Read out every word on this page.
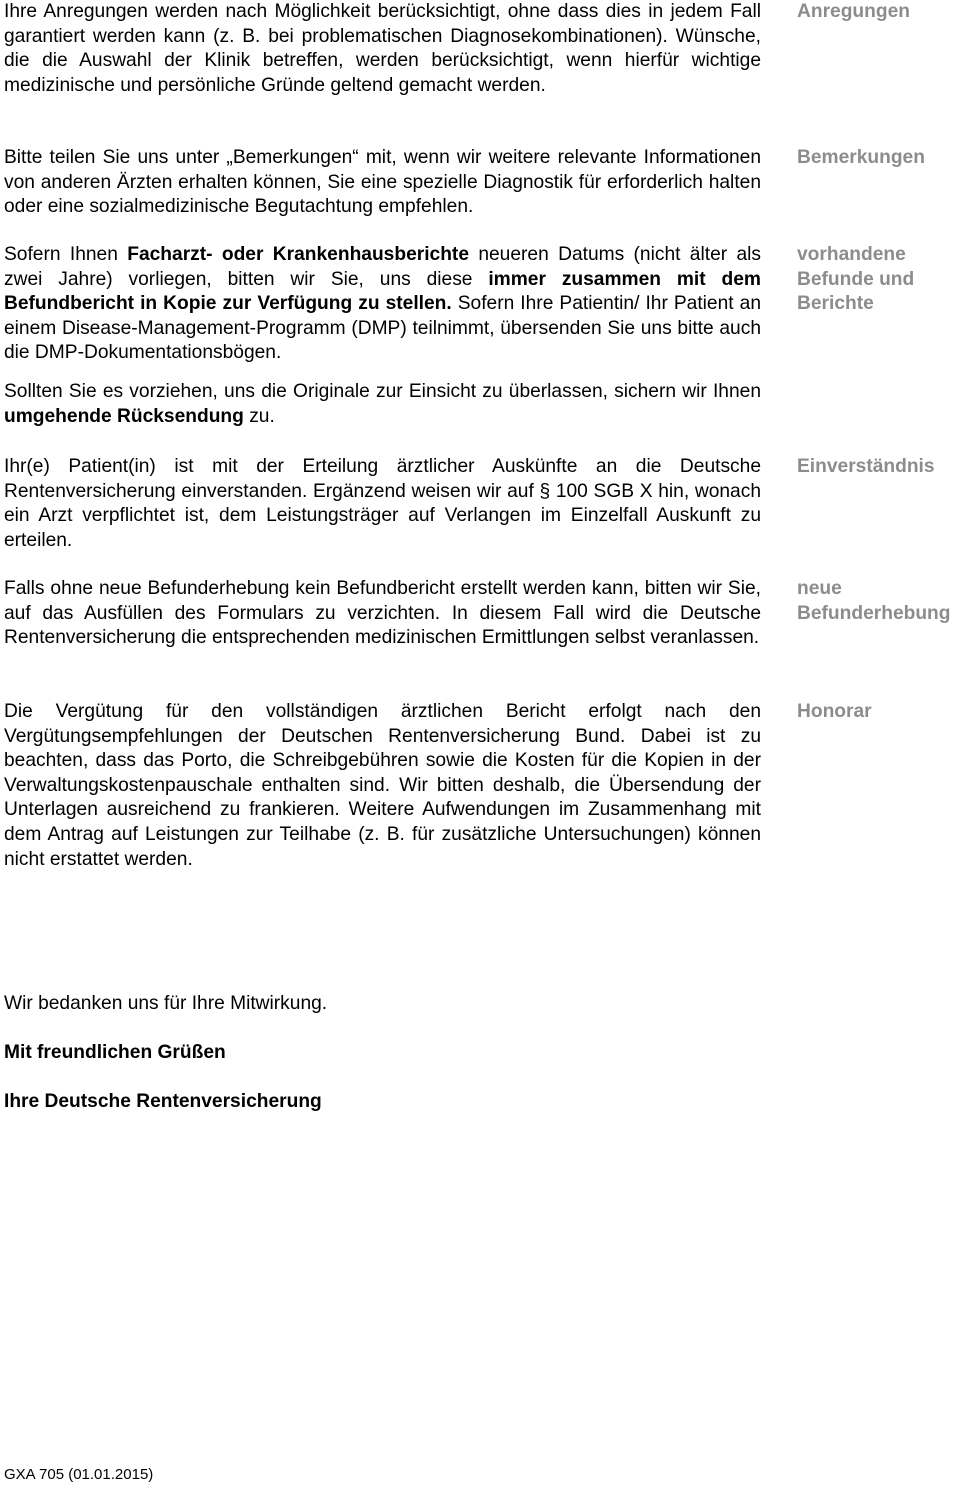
Ihre Anregungen werden nach Möglichkeit berücksichtigt, ohne dass dies in jedem Fall garantiert werden kann (z. B. bei problematischen Diagnosekombinationen). Wünsche, die die Auswahl der Klinik betreffen, werden berücksichtigt, wenn hierfür wichtige medizinische und persönliche Gründe geltend gemacht werden.

Bitte teilen Sie uns unter „Bemerkungen“ mit, wenn wir weitere relevante Informationen von anderen Ärzten erhalten können, Sie eine spezielle Diagnostik für erforderlich halten oder eine sozialmedizinische Begutachtung empfehlen.

Sofern Ihnen Facharzt- oder Krankenhausberichte neueren Datums (nicht älter als zwei Jahre) vorliegen, bitten wir Sie, uns diese immer zusammen mit dem Befundbericht in Kopie zur Verfügung zu stellen. Sofern Ihre Patientin/ Ihr Patient an einem Disease-Management-Programm (DMP) teilnimmt, übersenden Sie uns bitte auch die DMP-Dokumentationsbögen.

Sollten Sie es vorziehen, uns die Originale zur Einsicht zu überlassen, sichern wir Ihnen umgehende Rücksendung zu.

Ihr(e) Patient(in) ist mit der Erteilung ärztlicher Auskünfte an die Deutsche Rentenversicherung einverstanden. Ergänzend weisen wir auf § 100 SGB X hin, wonach ein Arzt verpflichtet ist, dem Leistungsträger auf Verlangen im Einzelfall Auskunft zu erteilen.

Falls ohne neue Befunderhebung kein Befundbericht erstellt werden kann, bitten wir Sie, auf das Ausfüllen des Formulars zu verzichten. In diesem Fall wird die Deutsche Rentenversicherung die entsprechenden medizinischen Ermittlungen selbst veranlassen.

Die Vergütung für den vollständigen ärztlichen Bericht erfolgt nach den Vergütungsempfehlungen der Deutschen Rentenversicherung Bund. Dabei ist zu beachten, dass das Porto, die Schreibgebühren sowie die Kosten für die Kopien in der Verwaltungskostenpauschale enthalten sind. Wir bitten deshalb, die Übersendung der Unterlagen ausreichend zu frankieren. Weitere Aufwendungen im Zusammenhang mit dem Antrag auf Leistungen zur Teilhabe (z. B. für zusätzliche Untersuchungen) können nicht erstattet werden.

Anregungen

Bemerkungen

vorhandene Befunde und Berichte

Einverständnis

neue Befunderhebung

Honorar

Wir bedanken uns für Ihre Mitwirkung.

Mit freundlichen Grüßen

Ihre Deutsche Rentenversicherung

GXA 705 (01.01.2015)
